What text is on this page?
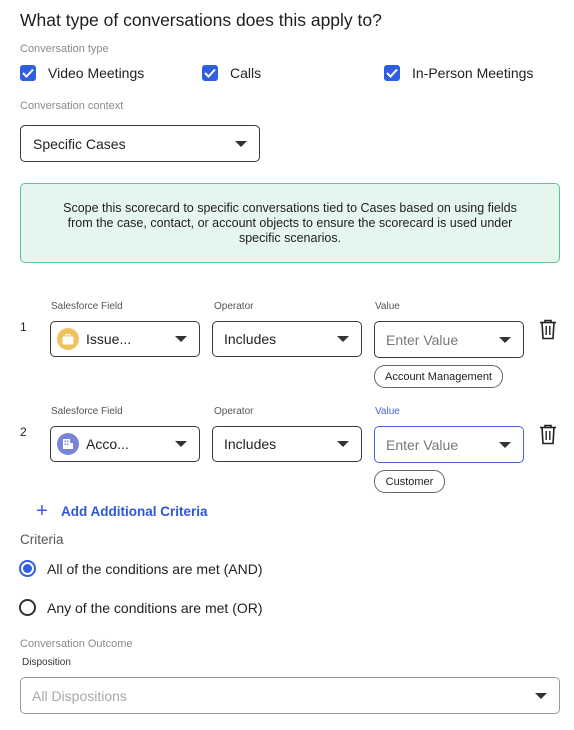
What type of conversations does this apply to?
Conversation type
Video Meetings	Calls	In-Person Meetings
Conversation context
Specific Cases
Scope this scorecard to specific conversations tied to Cases based on using fields from the case, contact, or account objects to ensure the scorecard is used under specific scenarios.
Salesforce Field	Operator	Value
1
Issue...	Includes	Enter Value
Account Management
Salesforce Field	Operator	Value
2
Acco...	Includes	Enter Value
Customer
+ Add Additional Criteria
Criteria
All of the conditions are met (AND)
Any of the conditions are met (OR)
Conversation Outcome
Disposition
All Dispositions
